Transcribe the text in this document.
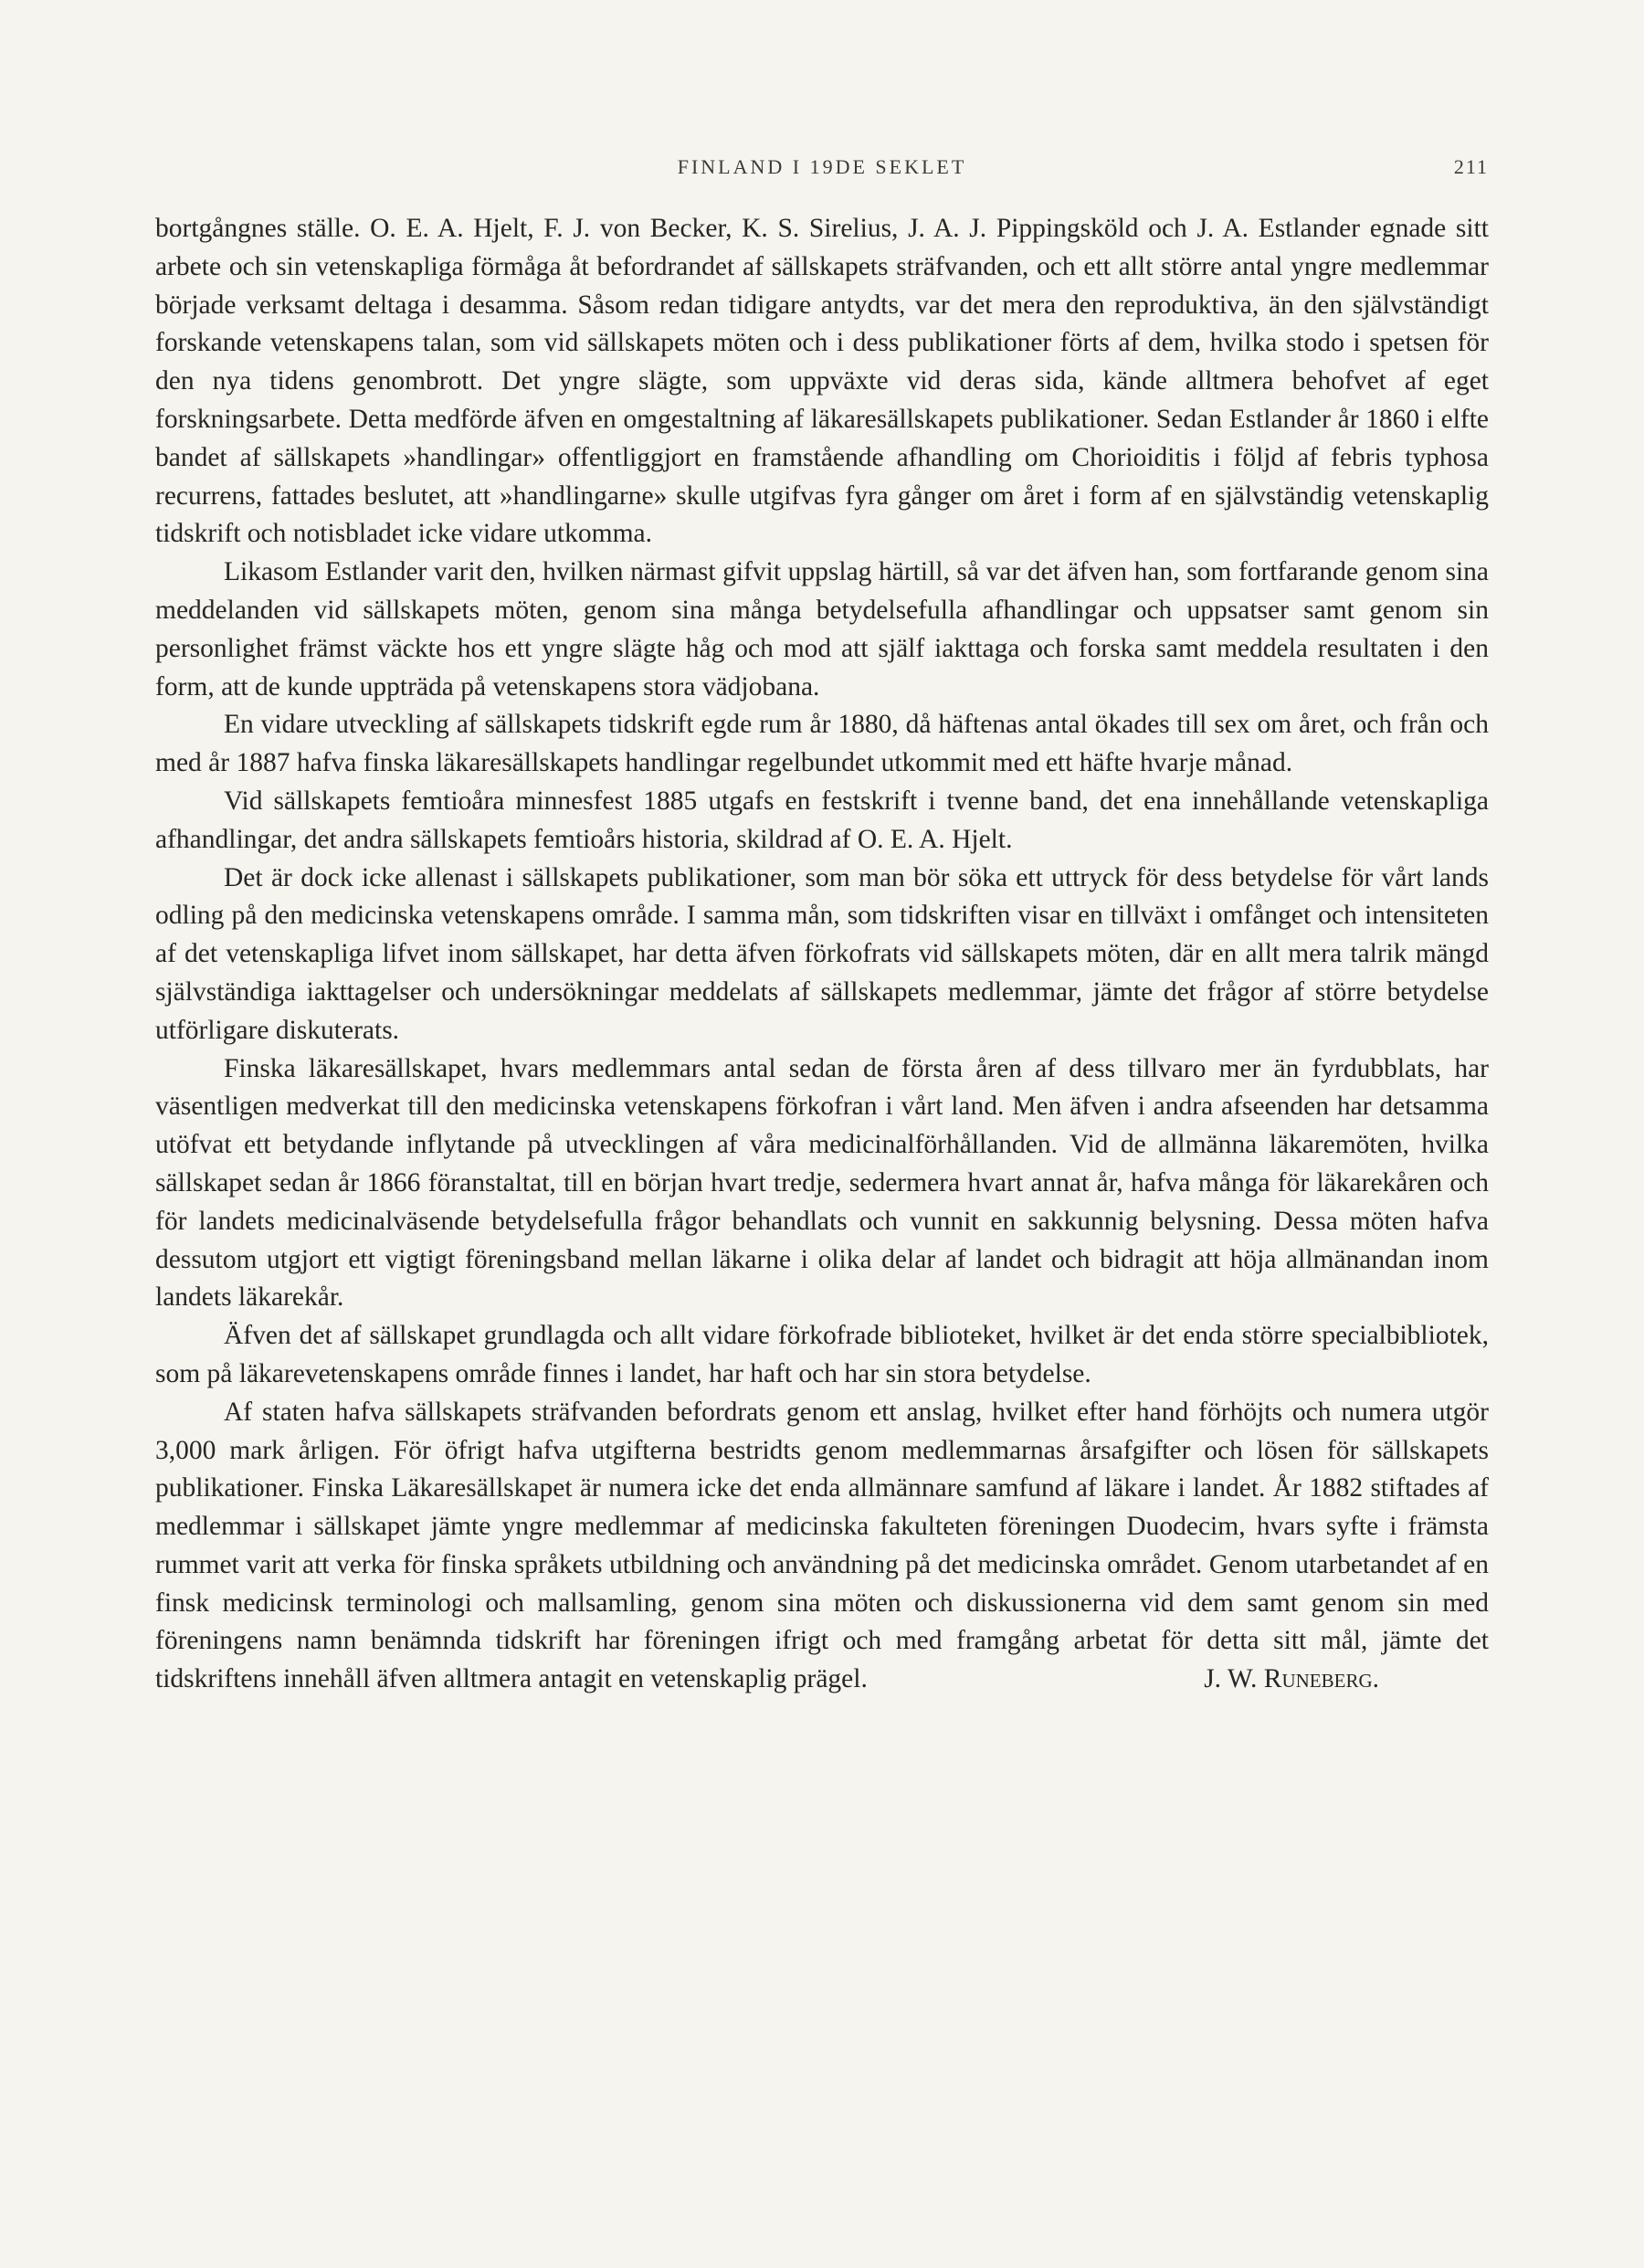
FINLAND I 19DE SEKLET	211

bortgångnes ställe. O. E. A. Hjelt, F. J. von Becker, K. S. Sirelius, J. A. J. Pippingsköld och J. A. Estlander egnade sitt arbete och sin vetenskapliga förmåga åt befordrandet af sällskapets sträfvanden, och ett allt större antal yngre medlemmar började verksamt deltaga i desamma. Såsom redan tidigare antydts, var det mera den reproduktiva, än den självständigt forskande vetenskapens talan, som vid sällskapets möten och i dess publikationer förts af dem, hvilka stodo i spetsen för den nya tidens genombrott. Det yngre slägte, som uppväxte vid deras sida, kände alltmera behofvet af eget forskningsarbete. Detta medförde äfven en omgestaltning af läkaresällskapets publikationer. Sedan Estlander år 1860 i elfte bandet af sällskapets »handlingar» offentliggjort en framstående afhandling om Chorioiditis i följd af febris typhosa recurrens, fattades beslutet, att »handlingarne» skulle utgifvas fyra gånger om året i form af en självständig vetenskaplig tidskrift och notisbladet icke vidare utkomma.

Likasom Estlander varit den, hvilken närmast gifvit uppslag härtill, så var det äfven han, som fortfarande genom sina meddelanden vid sällskapets möten, genom sina många betydelsefulla afhandlingar och uppsatser samt genom sin personlighet främst väckte hos ett yngre slägte håg och mod att själf iakttaga och forska samt meddela resultaten i den form, att de kunde uppträda på vetenskapens stora vädjobana.

En vidare utveckling af sällskapets tidskrift egde rum år 1880, då häftenas antal ökades till sex om året, och från och med år 1887 hafva finska läkaresällskapets handlingar regelbundet utkommit med ett häfte hvarje månad.

Vid sällskapets femtioåra minnesfest 1885 utgafs en festskrift i tvenne band, det ena innehållande vetenskapliga afhandlingar, det andra sällskapets femtioårs historia, skildrad af O. E. A. Hjelt.

Det är dock icke allenast i sällskapets publikationer, som man bör söka ett uttryck för dess betydelse för vårt lands odling på den medicinska vetenskapens område. I samma mån, som tidskriften visar en tillväxt i omfånget och intensiteten af det vetenskapliga lifvet inom sällskapet, har detta äfven förkofrats vid sällskapets möten, där en allt mera talrik mängd självständiga iakttagelser och undersökningar meddelats af sällskapets medlemmar, jämte det frågor af större betydelse utförligare diskuterats.

Finska läkaresällskapet, hvars medlemmars antal sedan de första åren af dess tillvaro mer än fyrdubblats, har väsentligen medverkat till den medicinska vetenskapens förkofran i vårt land. Men äfven i andra afseenden har detsamma utöfvat ett betydande inflytande på utvecklingen af våra medicinalförhållanden. Vid de allmänna läkaremöten, hvilka sällskapet sedan år 1866 föranstaltat, till en början hvart tredje, sedermera hvart annat år, hafva många för läkarekåren och för landets medicinalväsende betydelsefulla frågor behandlats och vunnit en sakkunnig belysning. Dessa möten hafva dessutom utgjort ett vigtigt föreningsband mellan läkarne i olika delar af landet och bidragit att höja allmänandan inom landets läkarekår.

Äfven det af sällskapet grundlagda och allt vidare förkofrade biblioteket, hvilket är det enda större specialbibliotek, som på läkarevetenskapens område finnes i landet, har haft och har sin stora betydelse.

Af staten hafva sällskapets sträfvanden befordrats genom ett anslag, hvilket efter hand förhöjts och numera utgör 3,000 mark årligen. För öfrigt hafva utgifterna bestridts genom medlemmarnas årsafgifter och lösen för sällskapets publikationer. Finska Läkaresällskapet är numera icke det enda allmännare samfund af läkare i landet. År 1882 stiftades af medlemmar i sällskapet jämte yngre medlemmar af medicinska fakulteten föreningen Duodecim, hvars syfte i främsta rummet varit att verka för finska språkets utbildning och användning på det medicinska området. Genom utarbetandet af en finsk medicinsk terminologi och mallsamling, genom sina möten och diskussionerna vid dem samt genom sin med föreningens namn benämnda tidskrift har föreningen ifrigt och med framgång arbetat för detta sitt mål, jämte det tidskriftens innehåll äfven alltmera antagit en vetenskaplig prägel.	J. W. Runeberg.
